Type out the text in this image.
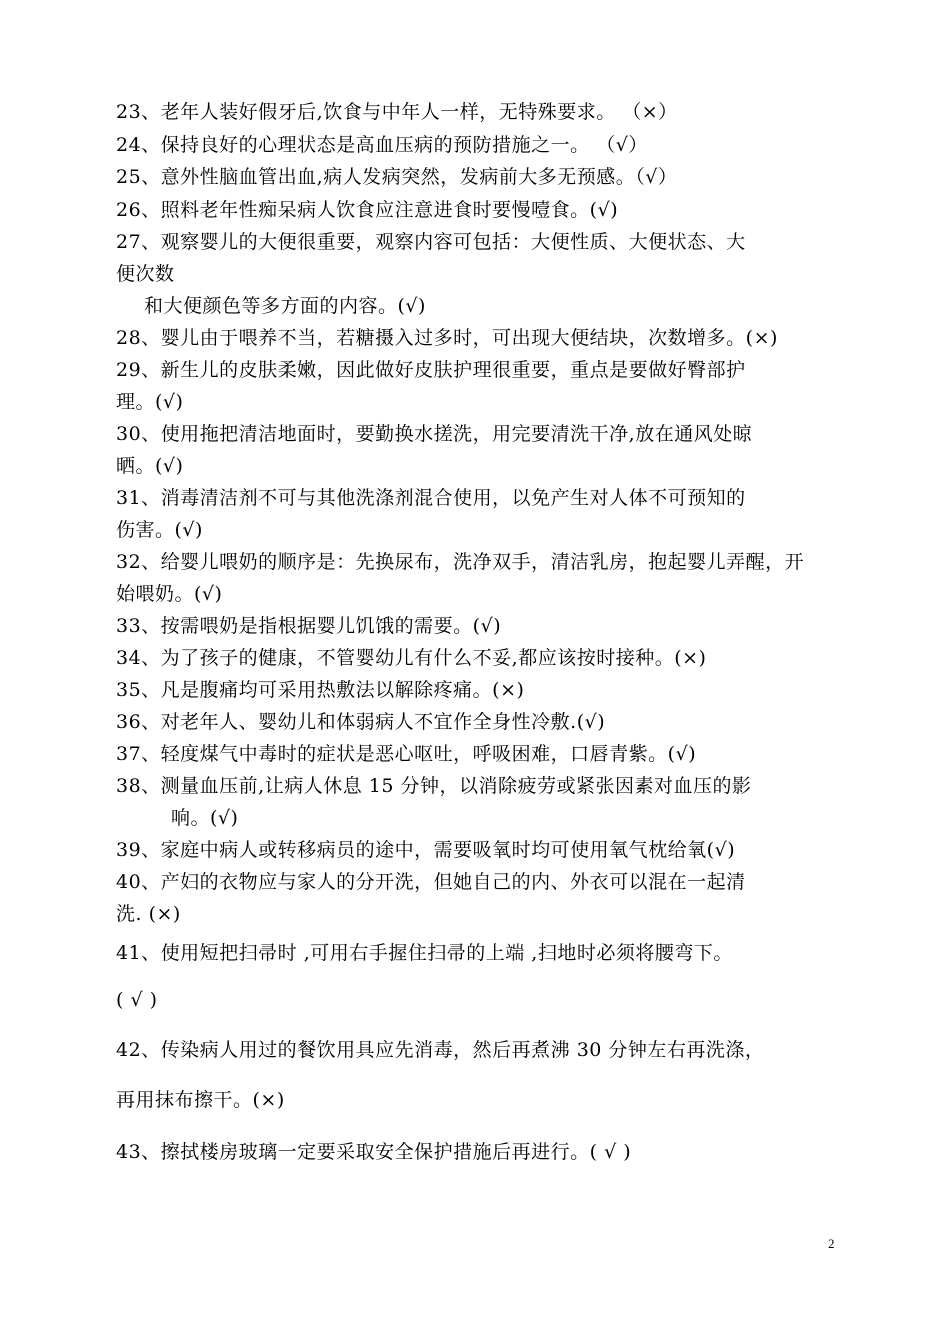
23、老年人装好假牙后,饮食与中年人一样，无特殊要求。 （×）
24、保持良好的心理状态是高血压病的预防措施之一。 （√）
25、意外性脑血管出血,病人发病突然，发病前大多无预感。（√）
26、照料老年性痴呆病人饮食应注意进食时要慢噎食。(√)
27、观察婴儿的大便很重要，观察内容可包括：大便性质、大便状态、大
便次数
和大便颜色等多方面的内容。(√)
28、婴儿由于喂养不当，若糖摄入过多时，可出现大便结块，次数增多。(×)
29、新生儿的皮肤柔嫩，因此做好皮肤护理很重要，重点是要做好臀部护
理。(√)
30、使用拖把清洁地面时，要勤换水搓洗，用完要清洗干净,放在通风处晾
晒。(√)
31、消毒清洁剂不可与其他洗涤剂混合使用，以免产生对人体不可预知的
伤害。(√)
32、给婴儿喂奶的顺序是：先换尿布，洗净双手，清洁乳房，抱起婴儿弄醒，开
始喂奶。(√)
33、按需喂奶是指根据婴儿饥饿的需要。(√)
34、为了孩子的健康，不管婴幼儿有什么不妥,都应该按时接种。(×)
35、凡是腹痛均可采用热敷法以解除疼痛。(×)
36、对老年人、婴幼儿和体弱病人不宜作全身性冷敷.(√)
37、轻度煤气中毒时的症状是恶心呕吐，呼吸困难，口唇青紫。(√)
38、测量血压前,让病人休息 15 分钟，以消除疲劳或紧张因素对血压的影
响。(√)
39、家庭中病人或转移病员的途中，需要吸氧时均可使用氧气枕给氧(√)
40、产妇的衣物应与家人的分开洗，但她自己的内、外衣可以混在一起清
洗. (×)
41、使用短把扫帚时 ,可用右手握住扫帚的上端 ,扫地时必须将腰弯下。
( √ )
42、传染病人用过的餐饮用具应先消毒，然后再煮沸 30 分钟左右再洗涤，
再用抹布擦干。(×)
43、擦拭楼房玻璃一定要采取安全保护措施后再进行。( √ )
2
